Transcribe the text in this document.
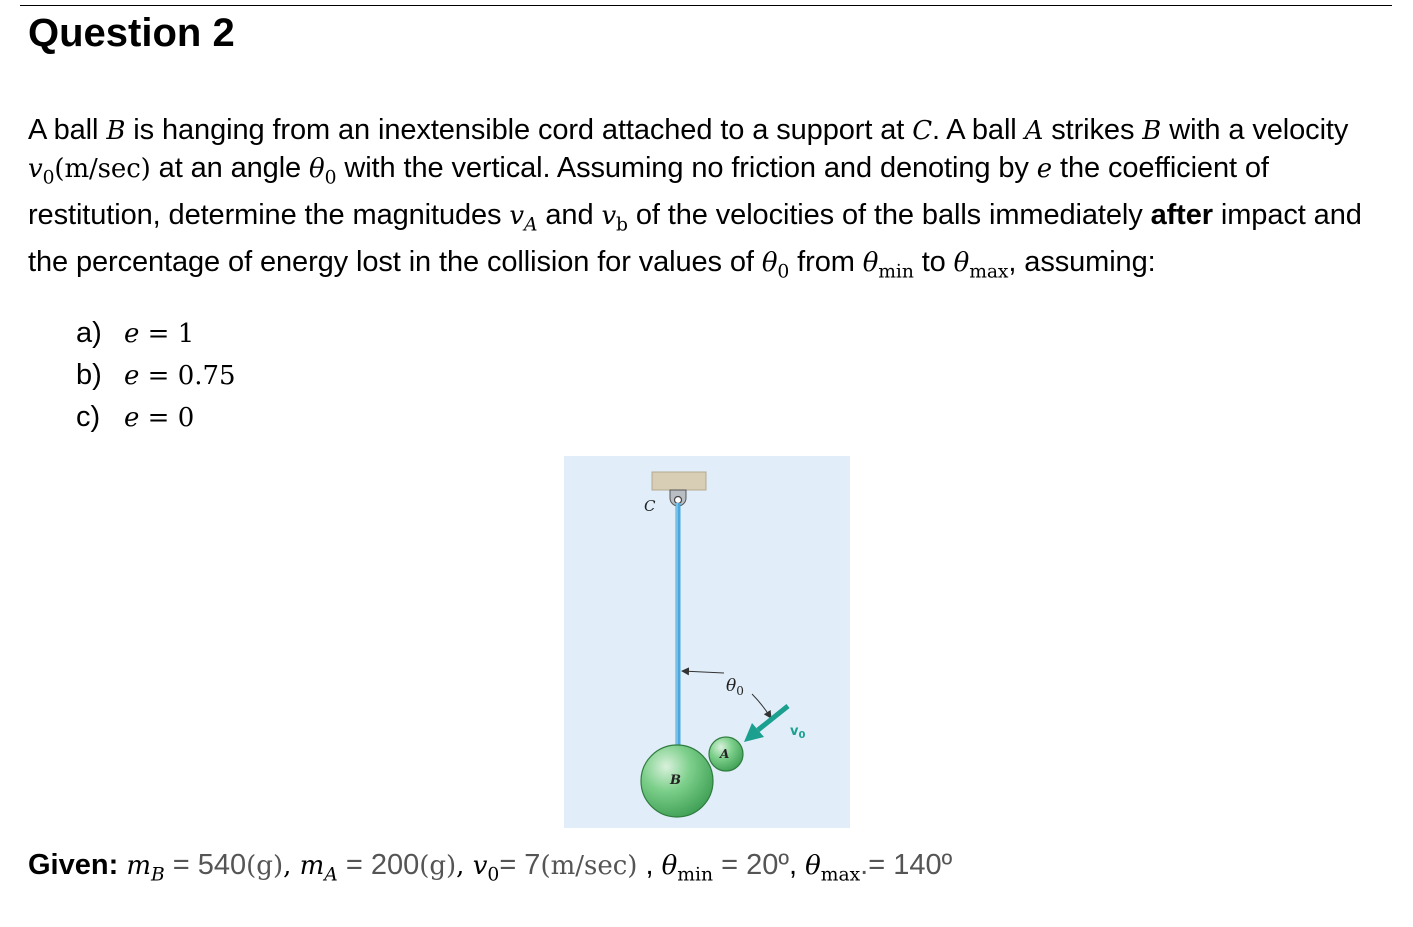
Question 2
A ball B is hanging from an inextensible cord attached to a support at C. A ball A strikes B with a velocity $v_0(m/\sec)$ at an angle $\theta_0$ with the vertical. Assuming no friction and denoting by e the coefficient of restitution, determine the magnitudes $v_A$ and $v_b$ of the velocities of the balls immediately after impact and the percentage of energy lost in the collision for values of $\theta_0$ from $\theta_{min}$ to $\theta_{max}$, assuming:
a) e = 1
b) e = 0.75
c) e = 0
C
$\theta_0$
B
A
$v_0$
Given: $m_B = 540(g)$, $m_A = 200(g)$, $v_0= 7(m/\sec)$ , $\theta_{min}$ = 20º, $\theta_{max}.=$ 140º
